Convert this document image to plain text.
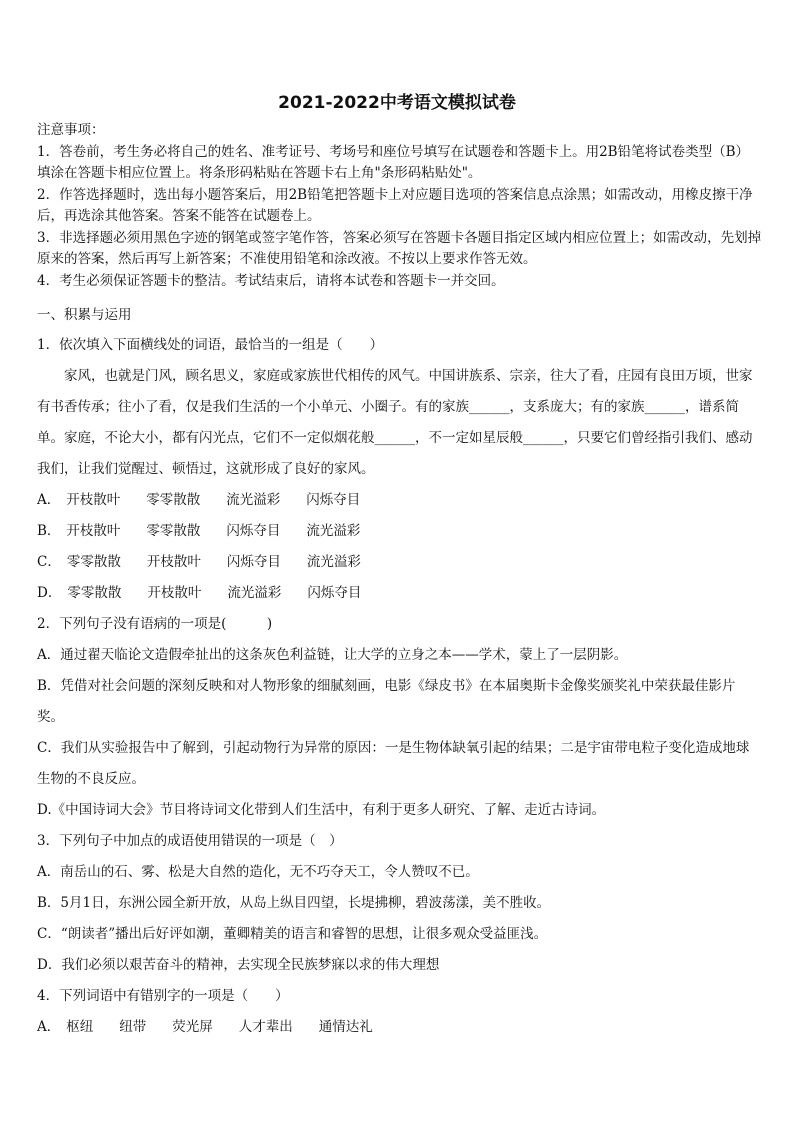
2021-2022中考语文模拟试卷

注意事项：

1．答卷前，考生务必将自己的姓名、准考证号、考场号和座位号填写在试题卷和答题卡上。用2B铅笔将试卷类型（B）填涂在答题卡相应位置上。将条形码粘贴在答题卡右上角"条形码粘贴处"。

2．作答选择题时，选出每小题答案后，用2B铅笔把答题卡上对应题目选项的答案信息点涂黑；如需改动，用橡皮擦干净后，再选涂其他答案。答案不能答在试题卷上。

3．非选择题必须用黑色字迹的钢笔或签字笔作答，答案必须写在答题卡各题目指定区域内相应位置上；如需改动，先划掉原来的答案，然后再写上新答案；不准使用铅笔和涂改液。不按以上要求作答无效。

4．考生必须保证答题卡的整洁。考试结束后，请将本试卷和答题卡一并交回。

一、积累与运用

1．依次填入下面横线处的词语，最恰当的一组是（　　）

家风，也就是门风，顾名思义，家庭或家族世代相传的风气。中国讲族系、宗亲，往大了看，庄园有良田万顷，世家有书香传承；往小了看，仅是我们生活的一个小单元、小圈子。有的家族______，支系庞大；有的家族______，谱系简单。家庭，不论大小，都有闪光点，它们不一定似烟花般______，不一定如星辰般______，只要它们曾经指引我们、感动我们，让我们觉醒过、顿悟过，这就形成了良好的家风。

A． 开枝散叶 零零散散 流光溢彩 闪烁夺目

B． 开枝散叶 零零散散 闪烁夺目 流光溢彩

C． 零零散散 开枝散叶 闪烁夺目 流光溢彩

D． 零零散散 开枝散叶 流光溢彩 闪烁夺目

2．下列句子没有语病的一项是(　　　)

A．通过翟天临论文造假牵扯出的这条灰色利益链，让大学的立身之本——学术，蒙上了一层阴影。

B．凭借对社会问题的深刻反映和对人物形象的细腻刻画，电影《绿皮书》在本届奥斯卡金像奖颁奖礼中荣获最佳影片奖。

C．我们从实验报告中了解到，引起动物行为异常的原因：一是生物体缺氧引起的结果；二是宇宙带电粒子变化造成地球生物的不良反应。

D.《中国诗词大会》节目将诗词文化带到人们生活中，有利于更多人研究、了解、走近古诗词。

3．下列句子中加点的成语使用错误的一项是（　）

A．南岳山的石、雾、松是大自然的造化，无不巧夺天工，令人赞叹不已。

B．5月1日，东洲公园全新开放，从岛上纵目四望，长堤拂柳，碧波荡漾，美不胜收。

C．“朗读者”播出后好评如潮，董卿精美的语言和睿智的思想，让很多观众受益匪浅。

D．我们必须以艰苦奋斗的精神，去实现全民族梦寐以求的伟大理想

4．下列词语中有错别字的一项是（　　）

A． 枢纽 纽带 荧光屏 人才辈出 通情达礼
